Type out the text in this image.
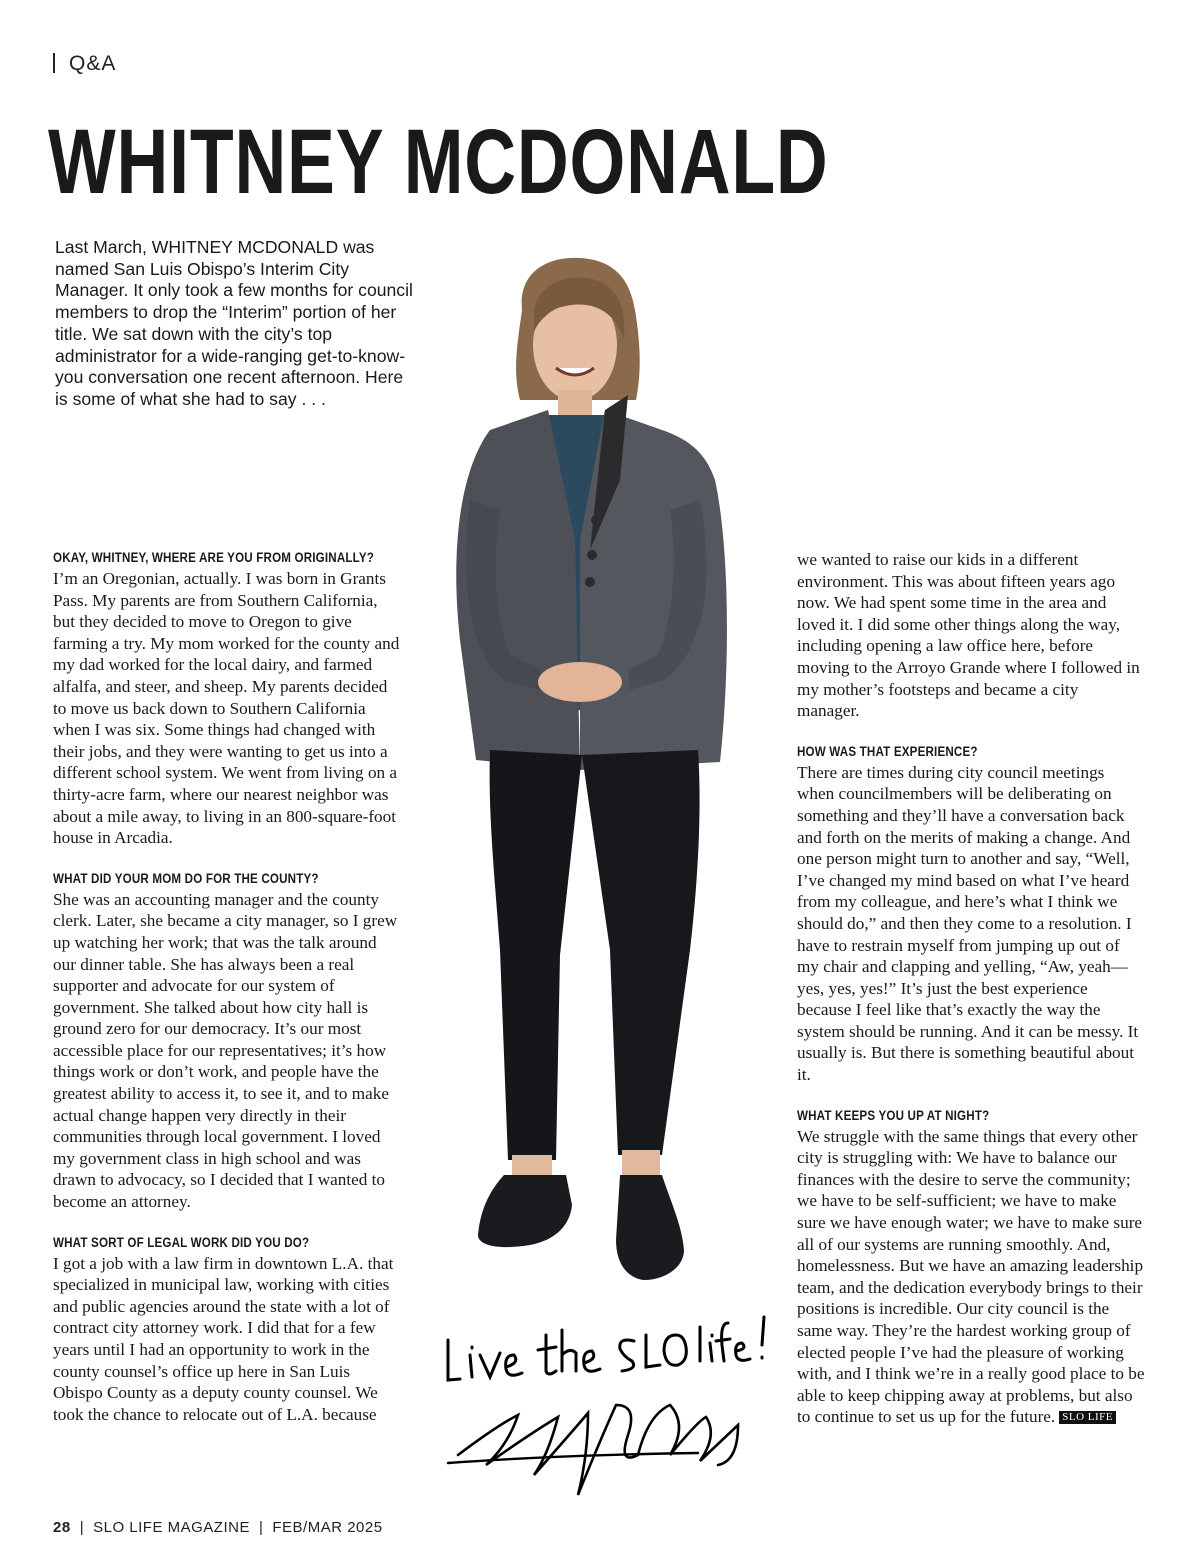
Q&A
WHITNEY MCDONALD
Last March, WHITNEY MCDONALD was named San Luis Obispo’s Interim City Manager. It only took a few months for council members to drop the “Interim” portion of her title. We sat down with the city’s top administrator for a wide-ranging get-to-know-you conversation one recent afternoon. Here is some of what she had to say . . .

OKAY, WHITNEY, WHERE ARE YOU FROM ORIGINALLY?

I’m an Oregonian, actually. I was born in Grants Pass. My parents are from Southern California, but they decided to move to Oregon to give farming a try. My mom worked for the county and my dad worked for the local dairy, and farmed alfalfa, and steer, and sheep. My parents decided to move us back down to Southern California when I was six. Some things had changed with their jobs, and they were wanting to get us into a different school system. We went from living on a thirty-acre farm, where our nearest neighbor was about a mile away, to living in an 800-square-foot house in Arcadia.

WHAT DID YOUR MOM DO FOR THE COUNTY?

She was an accounting manager and the county clerk. Later, she became a city manager, so I grew up watching her work; that was the talk around our dinner table. She has always been a real supporter and advocate for our system of government. She talked about how city hall is ground zero for our democracy. It’s our most accessible place for our representatives; it’s how things work or don’t work, and people have the greatest ability to access it, to see it, and to make actual change happen very directly in their communities through local government. I loved my government class in high school and was drawn to advocacy, so I decided that I wanted to become an attorney.

WHAT SORT OF LEGAL WORK DID YOU DO?

I got a job with a law firm in downtown L.A. that specialized in municipal law, working with cities and public agencies around the state with a lot of contract city attorney work. I did that for a few years until I had an opportunity to work in the county counsel’s office up here in San Luis Obispo County as a deputy county counsel. We took the chance to relocate out of L.A. because

we wanted to raise our kids in a different environment. This was about fifteen years ago now. We had spent some time in the area and loved it. I did some other things along the way, including opening a law office here, before moving to the Arroyo Grande where I followed in my mother’s footsteps and became a city manager.

HOW WAS THAT EXPERIENCE?

There are times during city council meetings when councilmembers will be deliberating on something and they’ll have a conversation back and forth on the merits of making a change. And one person might turn to another and say, “Well, I’ve changed my mind based on what I’ve heard from my colleague, and here’s what I think we should do,” and then they come to a resolution. I have to restrain myself from jumping up out of my chair and clapping and yelling, “Aw, yeah—yes, yes, yes!” It’s just the best experience because I feel like that’s exactly the way the system should be running. And it can be messy. It usually is. But there is something beautiful about it.

WHAT KEEPS YOU UP AT NIGHT?

We struggle with the same things that every other city is struggling with: We have to balance our finances with the desire to serve the community; we have to be self-sufficient; we have to make sure we have enough water; we have to make sure all of our systems are running smoothly. And, homelessness. But we have an amazing leadership team, and the dedication everybody brings to their positions is incredible. Our city council is the same way. They’re the hardest working group of elected people I’ve had the pleasure of working with, and I think we’re in a really good place to be able to keep chipping away at problems, but also to continue to set us up for the future. SLO LIFE

28 | SLO LIFE MAGAZINE | FEB/MAR 2025
